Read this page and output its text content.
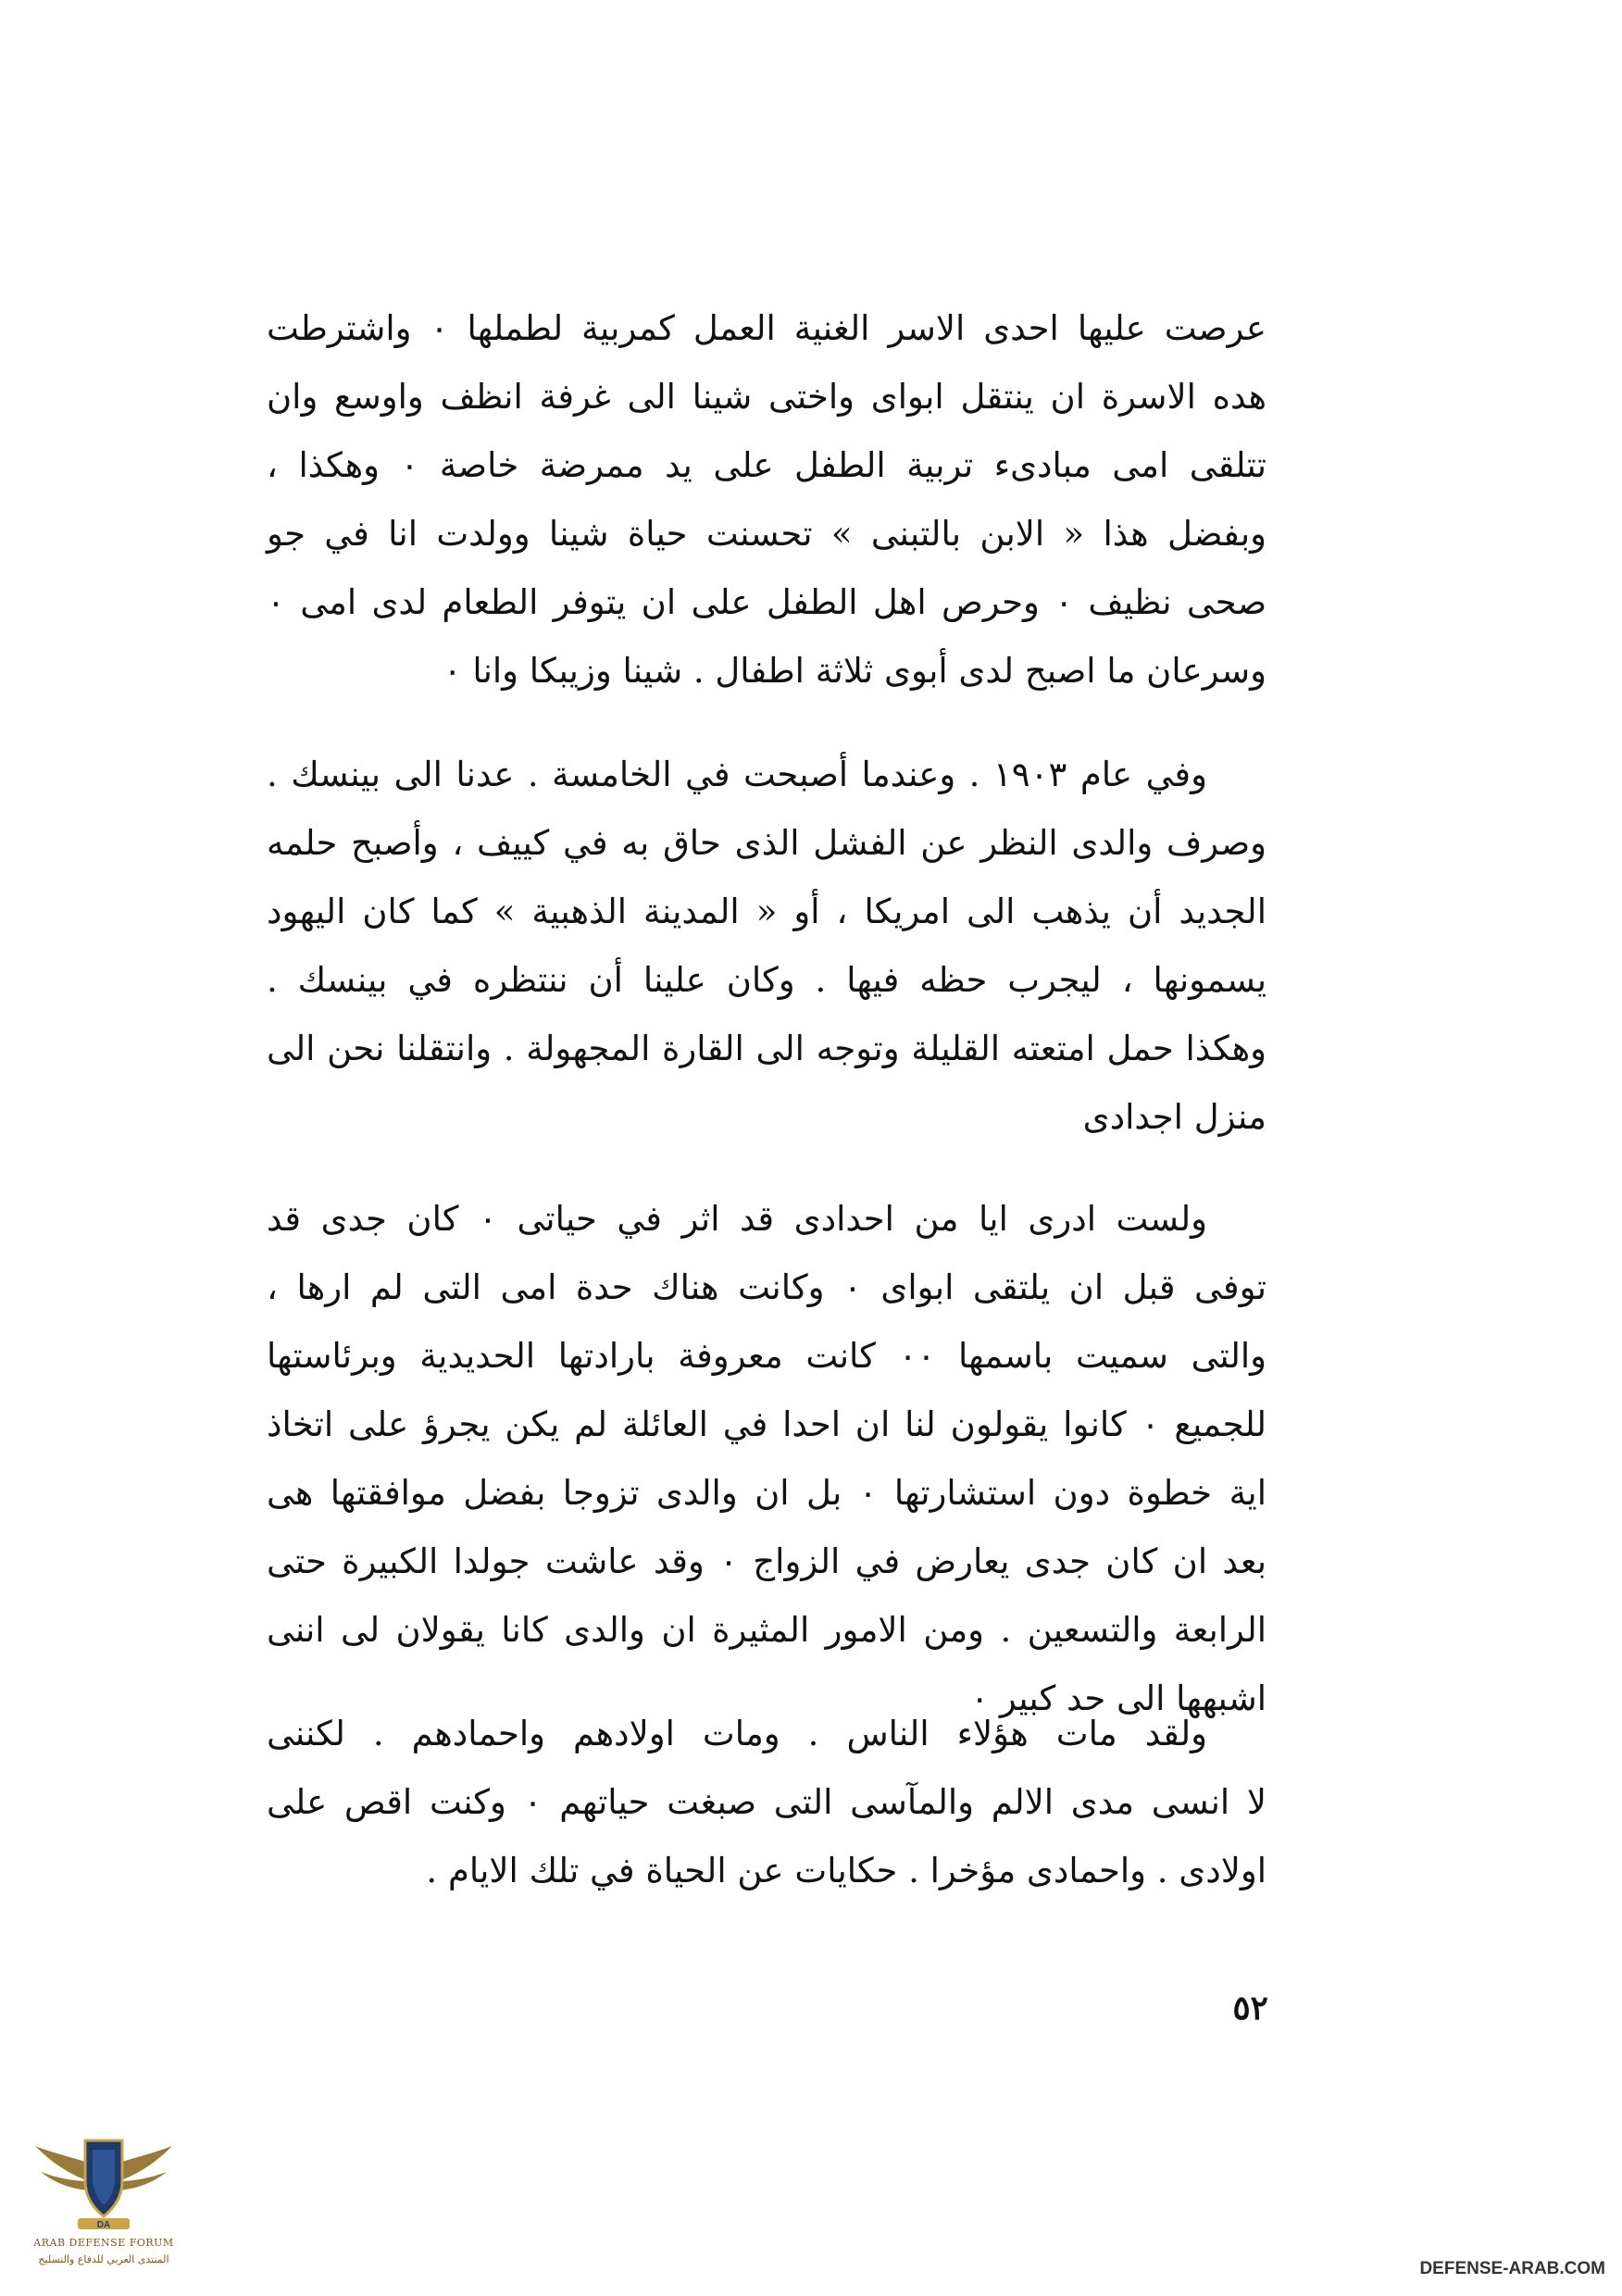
عرصت عليها احدى الاسر الغنية العمل كمربية لطملها ٠ واشترطت
هده الاسرة ان ينتقل ابواى واختى شينا الى غرفة انظف واوسع وان
تتلقى امى مبادىء تربية الطفل على يد ممرضة خاصة ٠ وهكذا ،
وبفضل هذا « الابن بالتبنى » تحسنت حياة شينا وولدت انا في جو
صحى نظيف ٠ وحرص اهل الطفل على ان يتوفر الطعام لدى امى ٠
وسرعان ما اصبح لدى أبوى ثلاثة اطفال . شينا وزيبكا وانا ٠
وفي عام ١٩٠٣ . وعندما أصبحت في الخامسة . عدنا الى بينسك .
وصرف والدى النظر عن الفشل الذى حاق به في كييف ، وأصبح حلمه
الجديد أن يذهب الى امريكا ، أو « المدينة الذهبية » كما كان اليهود
يسمونها ، ليجرب حظه فيها . وكان علينا أن ننتظره في بينسك .
وهكذا حمل امتعته القليلة وتوجه الى القارة المجهولة . وانتقلنا نحن الى
منزل اجدادى
ولست ادرى ايا من احدادى قد اثر في حياتى ٠ كان جدى قد
توفى قبل ان يلتقى ابواى ٠ وكانت هناك حدة امى التى لم ارها ،
والتى سميت باسمها ٠٠ كانت معروفة بارادتها الحديدية وبرئاستها
للجميع ٠ كانوا يقولون لنا ان احدا في العائلة لم يكن يجرؤ على اتخاذ
اية خطوة دون استشارتها ٠ بل ان والدى تزوجا بفضل موافقتها هى
بعد ان كان جدى يعارض في الزواج ٠ وقد عاشت جولدا الكبيرة حتى
الرابعة والتسعين . ومن الامور المثيرة ان والدى كانا يقولان لى اننى
اشبهها الى حد كبير ٠
ولقد مات هؤلاء الناس . ومات اولادهم واحمادهم . لكننى
لا انسى مدى الالم والمآسى التى صبغت حياتهم ٠ وكنت اقص على
اولادى . واحمادى مؤخرا . حكايات عن الحياة في تلك الايام .
٥٢
DA
ARAB DEFENSE FORUM
المنتدى العربي للدفاع والتسليح	DEFENSE-ARAB.COM
